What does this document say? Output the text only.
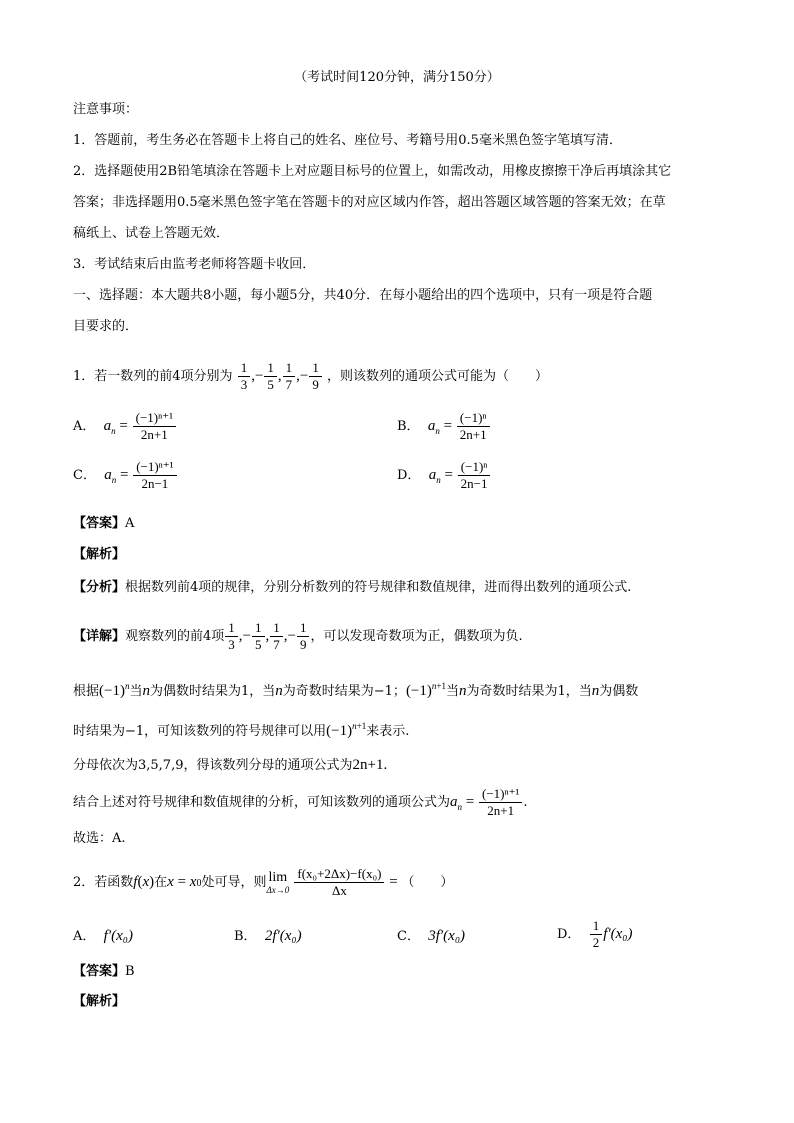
（考试时间120分钟，满分150分）
注意事项：
1．答题前，考生务必在答题卡上将自己的姓名、座位号、考籍号用0.5毫米黑色签字笔填写清．
2．选择题使用2B铅笔填涂在答题卡上对应题目标号的位置上，如需改动，用橡皮擦擦干净后再填涂其它
答案；非选择题用0.5毫米黑色签字笔在答题卡的对应区域内作答，超出答题区域答题的答案无效；在草
稿纸上、试卷上答题无效．
3．考试结束后由监考老师将答题卡收回．
一、选择题：本大题共8小题，每小题5分，共40分．在每小题给出的四个选项中，只有一项是符合题
目要求的．
1．若一数列的前4项分别为 $\frac{1}{3}$ ,− $\frac{1}{5}$ , $\frac{1}{7}$ ,− $\frac{1}{9}$ ，则该数列的通项公式可能为（　　）
A． $a_n = \frac{\text{(−1)ⁿ⁺¹}}{2n+1}$	B． $a_n = \frac{\text{(−1)ⁿ}}{2n+1}$
C． $a_n = \frac{\text{(−1)ⁿ⁺¹}}{2n-1}$	D． $a_n = \frac{\text{(−1)ⁿ}}{2n-1}$
【答案】A
【解析】
【分析】根据数列前4项的规律，分别分析数列的符号规律和数值规律，进而得出数列的通项公式.
【详解】观察数列的前4项 $\frac{1}{3}$ ,− $\frac{1}{5}$ , $\frac{1}{7}$ ,− $\frac{1}{9}$ ，可以发现奇数项为正，偶数项为负.
根据$(-1)^n$当n为偶数时结果为1，当n为奇数时结果为−1；$(-1)^{n+1}$当n为奇数时结果为1，当n为偶数
时结果为−1，可知该数列的符号规律可以用$(-1)^{n+1}$来表示.
分母依次为3,5,7,9，得该数列分母的通项公式为2n+1.
结合上述对符号规律和数值规律的分析，可知该数列的通项公式为$a_n = \frac{\text{(−1)ⁿ⁺¹}}{2n+1}$ .
故选：A.
2．若函数f(x)在x = x0处可导，则 lim
Δx→0
$\frac{\text{f(x₀+2Δx)−f(x₀)}}{\Delta x}$ = （　　）
A． f′(x₀)	B． 2f′(x₀)	C． 3f′(x₀)	D． $\frac{1}{2} f'(x_0)$
【答案】B
【解析】
